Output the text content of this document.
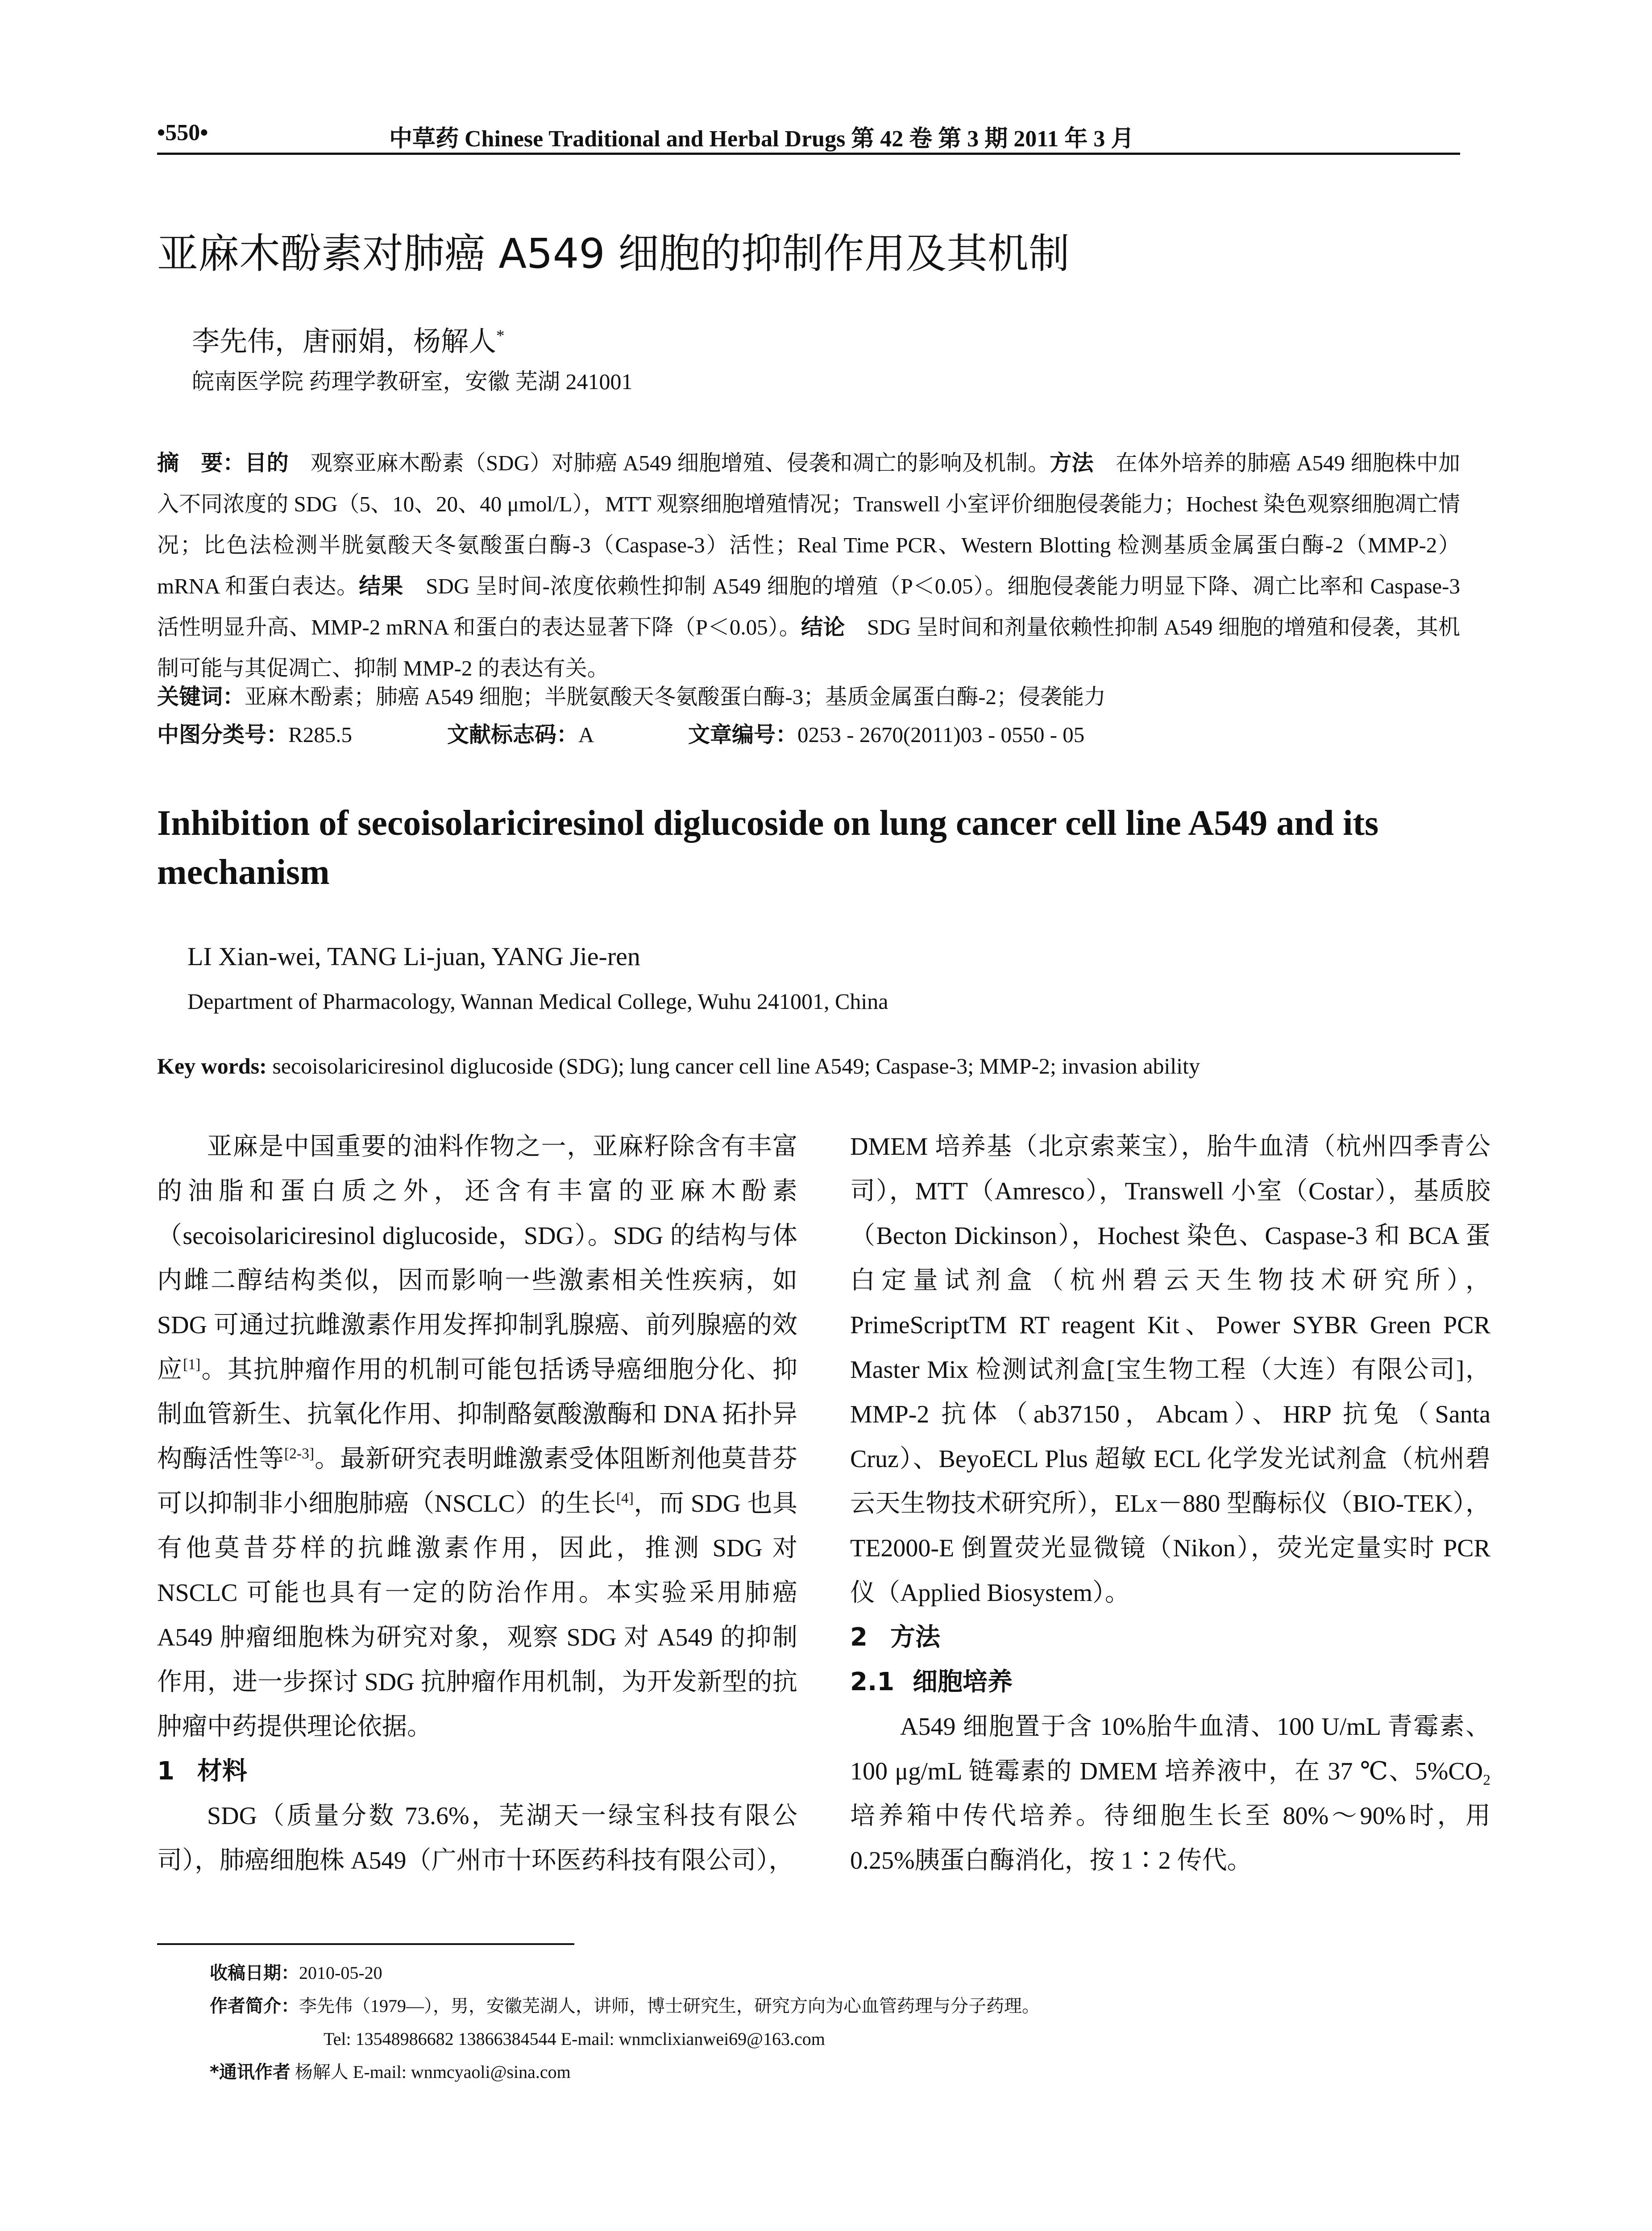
•550•	中草药 Chinese Traditional and Herbal Drugs 第 42 卷 第 3 期 2011 年 3 月
亚麻木酚素对肺癌 A549 细胞的抑制作用及其机制
李先伟，唐丽娟，杨解人*
皖南医学院 药理学教研室，安徽 芜湖 241001

摘　要：目的　观察亚麻木酚素（SDG）对肺癌 A549 细胞增殖、侵袭和凋亡的影响及机制。方法　在体外培养的肺癌 A549 细胞株中加入不同浓度的 SDG（5、10、20、40 μmol/L），MTT 观察细胞增殖情况；Transwell 小室评价细胞侵袭能力；Hochest 染色观察细胞凋亡情况；比色法检测半胱氨酸天冬氨酸蛋白酶-3（Caspase-3）活性；Real Time PCR、Western Blotting 检测基质金属蛋白酶-2（MMP-2）mRNA 和蛋白表达。结果　SDG 呈时间-浓度依赖性抑制 A549 细胞的增殖（P＜0.05）。细胞侵袭能力明显下降、凋亡比率和 Caspase-3 活性明显升高、MMP-2 mRNA 和蛋白的表达显著下降（P＜0.05）。结论　SDG 呈时间和剂量依赖性抑制 A549 细胞的增殖和侵袭，其机制可能与其促凋亡、抑制 MMP-2 的表达有关。

关键词：亚麻木酚素；肺癌 A549 细胞；半胱氨酸天冬氨酸蛋白酶-3；基质金属蛋白酶-2；侵袭能力
中图分类号：R285.5	文献标志码：A	文章编号：0253 - 2670(2011)03 - 0550 - 05
Inhibition of secoisolariciresinol diglucoside on lung cancer cell line A549 and its mechanism
LI Xian-wei, TANG Li-juan, YANG Jie-ren
Department of Pharmacology, Wannan Medical College, Wuhu 241001, China
Key words: secoisolariciresinol diglucoside (SDG); lung cancer cell line A549; Caspase-3; MMP-2; invasion ability

亚麻是中国重要的油料作物之一，亚麻籽除含有丰富的油脂和蛋白质之外，还含有丰富的亚麻木酚素（secoisolariciresinol diglucoside，SDG）。SDG 的结构与体内雌二醇结构类似，因而影响一些激素相关性疾病，如 SDG 可通过抗雌激素作用发挥抑制乳腺癌、前列腺癌的效应[1]。其抗肿瘤作用的机制可能包括诱导癌细胞分化、抑制血管新生、抗氧化作用、抑制酪氨酸激酶和 DNA 拓扑异构酶活性等[2-3]。最新研究表明雌激素受体阻断剂他莫昔芬可以抑制非小细胞肺癌（NSCLC）的生长[4]，而 SDG 也具有他莫昔芬样的抗雌激素作用，因此，推测 SDG 对 NSCLC 可能也具有一定的防治作用。本实验采用肺癌 A549 肿瘤细胞株为研究对象，观察 SDG 对 A549 的抑制作用，进一步探讨 SDG 抗肿瘤作用机制，为开发新型的抗肿瘤中药提供理论依据。

1 材料

SDG（质量分数 73.6%，芜湖天一绿宝科技有限公司），肺癌细胞株 A549（广州市十环医药科技有限公司），

DMEM 培养基（北京索莱宝），胎牛血清（杭州四季青公司），MTT（Amresco），Transwell 小室（Costar），基质胶（Becton Dickinson），Hochest 染色、Caspase-3 和 BCA 蛋白定量试剂盒（杭州碧云天生物技术研究所），PrimeScriptTM RT reagent Kit、Power SYBR Green PCR Master Mix 检测试剂盒[宝生物工程（大连）有限公司]，MMP-2 抗体（ab37150，Abcam）、HRP 抗兔（Santa Cruz）、BeyoECL Plus 超敏 ECL 化学发光试剂盒（杭州碧云天生物技术研究所），ELx－880 型酶标仪（BIO-TEK），TE2000-E 倒置荧光显微镜（Nikon），荧光定量实时 PCR 仪（Applied Biosystem）。

2 方法
2.1 细胞培养

A549 细胞置于含 10%胎牛血清、100 U/mL 青霉素、100 μg/mL 链霉素的 DMEM 培养液中，在 37 ℃、$5\%CO_2$ 培养箱中传代培养。待细胞生长至 80%～90%时，用 0.25%胰蛋白酶消化，按 1∶2 传代。

收稿日期：2010-05-20
作者简介：李先伟（1979—），男，安徽芜湖人，讲师，博士研究生，研究方向为心血管药理与分子药理。
Tel: 13548986682 13866384544 E-mail: wnmclixianwei69@163.com
*通讯作者 杨解人 E-mail: wnmcyaoli@sina.com
